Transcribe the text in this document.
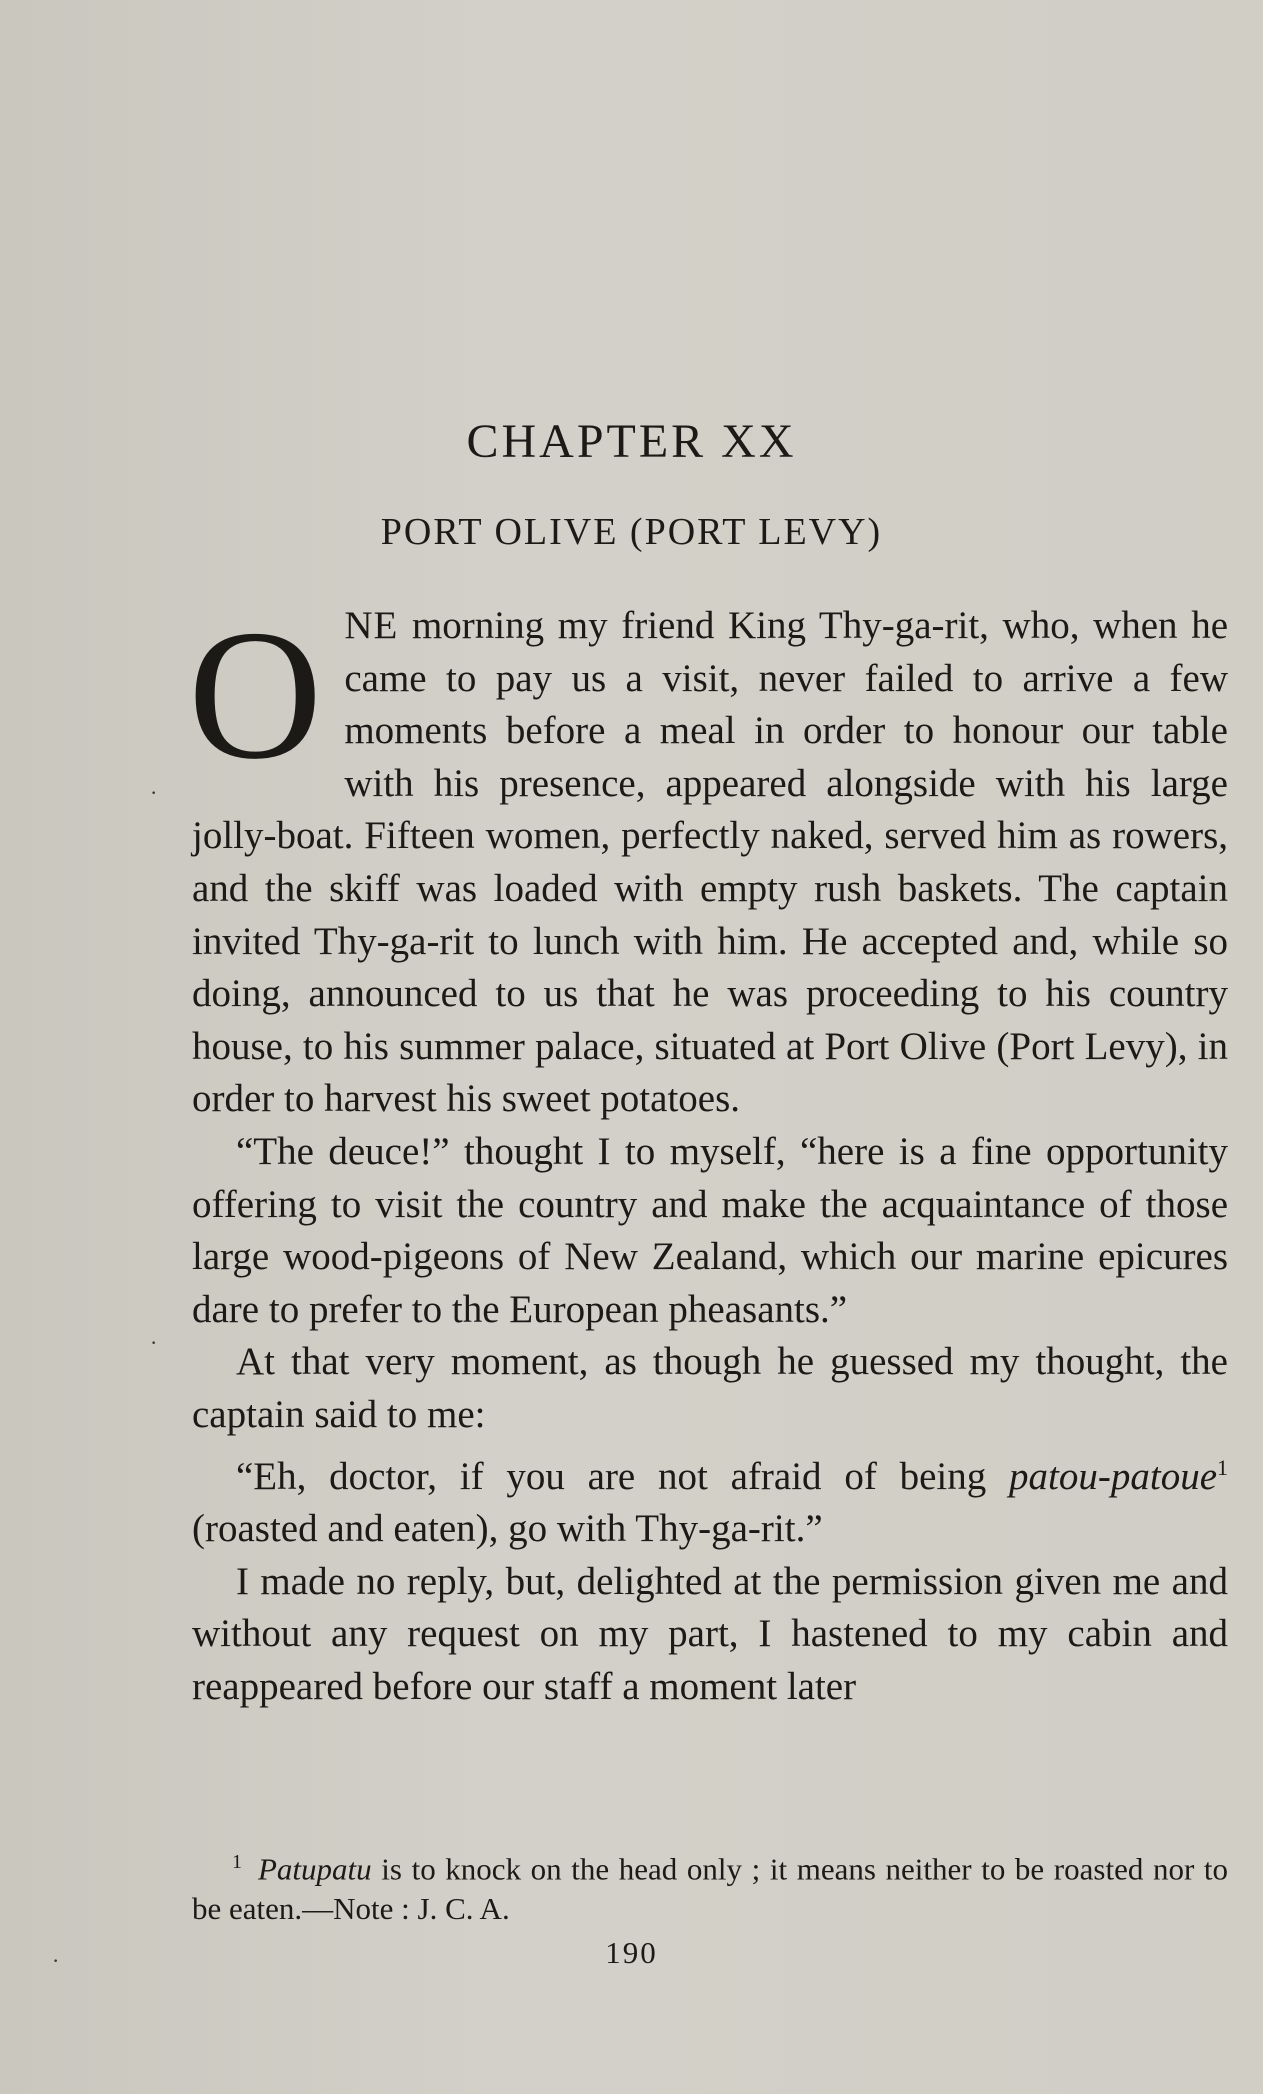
CHAPTER XX
PORT OLIVE (PORT LEVY)

ONE morning my friend King Thy-ga-rit, who, when he came to pay us a visit, never failed to arrive a few moments before a meal in order to honour our table with his presence, appeared alongside with his large jolly-boat. Fifteen women, perfectly naked, served him as rowers, and the skiff was loaded with empty rush baskets. The captain invited Thy-ga-rit to lunch with him. He accepted and, while so doing, announced to us that he was proceeding to his country house, to his summer palace, situated at Port Olive (Port Levy), in order to harvest his sweet potatoes.

“The deuce!” thought I to myself, “here is a fine opportunity offering to visit the country and make the acquaintance of those large wood-pigeons of New Zealand, which our marine epicures dare to prefer to the European pheasants.”

At that very moment, as though he guessed my thought, the captain said to me:

“Eh, doctor, if you are not afraid of being patou-patoue$^1$ (roasted and eaten), go with Thy-ga-rit.”

I made no reply, but, delighted at the permission given me and without any request on my part, I hastened to my cabin and reappeared before our staff a moment later

$^1$ Patupatu is to knock on the head only ; it means neither to be roasted nor to be eaten.—Note : J. C. A.
190
·
·
·
